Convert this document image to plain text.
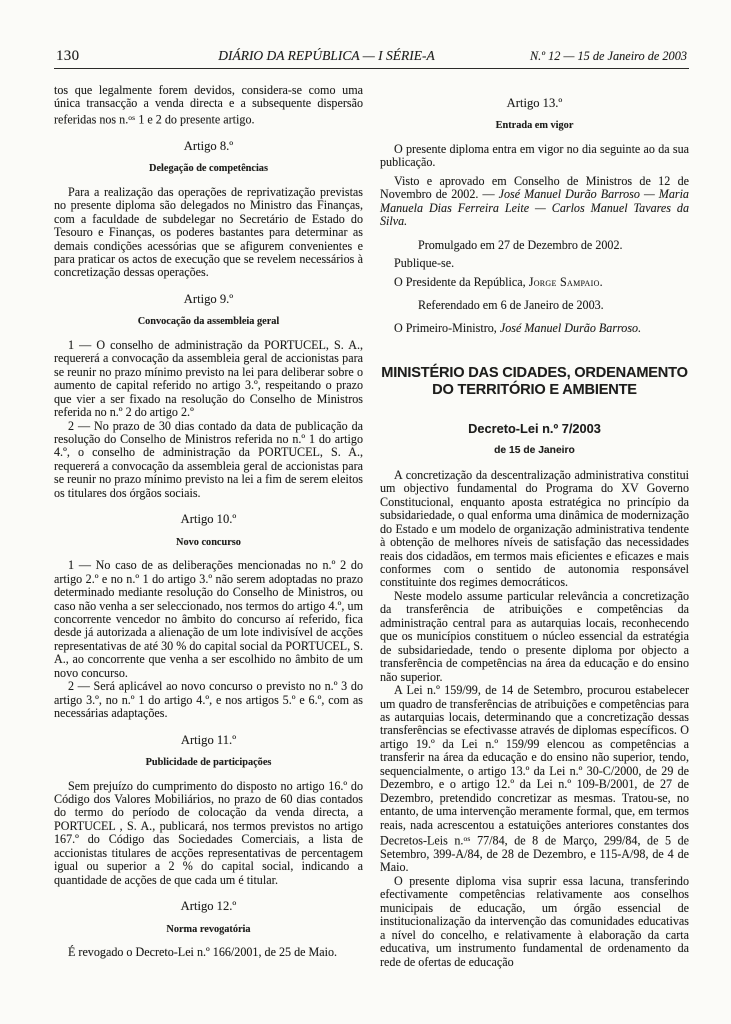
130	DIÁRIO DA REPÚBLICA — I SÉRIE-A	N.º 12 — 15 de Janeiro de 2003

tos que legalmente forem devidos, considera-se como uma única transacção a venda directa e a subsequente dispersão referidas nos n.$^{os}$ 1 e 2 do presente artigo.

Artigo 8.º
Delegação de competências

Para a realização das operações de reprivatização previstas no presente diploma são delegados no Ministro das Finanças, com a faculdade de subdelegar no Secretário de Estado do Tesouro e Finanças, os poderes bastantes para determinar as demais condições acessórias que se afigurem convenientes e para praticar os actos de execução que se revelem necessários à concretização dessas operações.

Artigo 9.º
Convocação da assembleia geral

1 — O conselho de administração da PORTUCEL, S. A., requererá a convocação da assembleia geral de accionistas para se reunir no prazo mínimo previsto na lei para deliberar sobre o aumento de capital referido no artigo 3.º, respeitando o prazo que vier a ser fixado na resolução do Conselho de Ministros referida no n.º 2 do artigo 2.º

2 — No prazo de 30 dias contado da data de publicação da resolução do Conselho de Ministros referida no n.º 1 do artigo 4.º, o conselho de administração da PORTUCEL, S. A., requererá a convocação da assembleia geral de accionistas para se reunir no prazo mínimo previsto na lei a fim de serem eleitos os titulares dos órgãos sociais.

Artigo 10.º
Novo concurso

1 — No caso de as deliberações mencionadas no n.º 2 do artigo 2.º e no n.º 1 do artigo 3.º não serem adoptadas no prazo determinado mediante resolução do Conselho de Ministros, ou caso não venha a ser seleccionado, nos termos do artigo 4.º, um concorrente vencedor no âmbito do concurso aí referido, fica desde já autorizada a alienação de um lote indivisível de acções representativas de até 30 % do capital social da PORTUCEL, S. A., ao concorrente que venha a ser escolhido no âmbito de um novo concurso.

2 — Será aplicável ao novo concurso o previsto no n.º 3 do artigo 3.º, no n.º 1 do artigo 4.º, e nos artigos 5.º e 6.º, com as necessárias adaptações.

Artigo 11.º
Publicidade de participações

Sem prejuízo do cumprimento do disposto no artigo 16.º do Código dos Valores Mobiliários, no prazo de 60 dias contados do termo do período de colocação da venda directa, a PORTUCEL , S. A., publicará, nos termos previstos no artigo 167.º do Código das Sociedades Comerciais, a lista de accionistas titulares de acções representativas de percentagem igual ou superior a 2 % do capital social, indicando a quantidade de acções de que cada um é titular.

Artigo 12.º
Norma revogatória

É revogado o Decreto-Lei n.º 166/2001, de 25 de Maio.

Artigo 13.º
Entrada em vigor

O presente diploma entra em vigor no dia seguinte ao da sua publicação.

Visto e aprovado em Conselho de Ministros de 12 de Novembro de 2002. — José Manuel Durão Barroso — Maria Manuela Dias Ferreira Leite — Carlos Manuel Tavares da Silva.

Promulgado em 27 de Dezembro de 2002.

Publique-se.

O Presidente da República, Jorge Sampaio.

Referendado em 6 de Janeiro de 2003.

O Primeiro-Ministro, José Manuel Durão Barroso.

MINISTÉRIO DAS CIDADES, ORDENAMENTO
DO TERRITÓRIO E AMBIENTE
Decreto-Lei n.º 7/2003
de 15 de Janeiro

A concretização da descentralização administrativa constitui um objectivo fundamental do Programa do XV Governo Constitucional, enquanto aposta estratégica no princípio da subsidariedade, o qual enforma uma dinâmica de modernização do Estado e um modelo de organização administrativa tendente à obtenção de melhores níveis de satisfação das necessidades reais dos cidadãos, em termos mais eficientes e eficazes e mais conformes com o sentido de autonomia responsável constituinte dos regimes democráticos.

Neste modelo assume particular relevância a concretização da transferência de atribuições e competências da administração central para as autarquias locais, reconhecendo que os municípios constituem o núcleo essencial da estratégia de subsidariedade, tendo o presente diploma por objecto a transferência de competências na área da educação e do ensino não superior.

A Lei n.º 159/99, de 14 de Setembro, procurou estabelecer um quadro de transferências de atribuições e competências para as autarquias locais, determinando que a concretização dessas transferências se efectivasse através de diplomas específicos. O artigo 19.º da Lei n.º 159/99 elencou as competências a transferir na área da educação e do ensino não superior, tendo, sequencialmente, o artigo 13.º da Lei n.º 30-C/2000, de 29 de Dezembro, e o artigo 12.º da Lei n.º 109-B/2001, de 27 de Dezembro, pretendido concretizar as mesmas. Tratou-se, no entanto, de uma intervenção meramente formal, que, em termos reais, nada acrescentou a estatuições anteriores constantes dos Decretos-Leis n.$^{os}$ 77/84, de 8 de Março, 299/84, de 5 de Setembro, 399-A/84, de 28 de Dezembro, e 115-A/98, de 4 de Maio.

O presente diploma visa suprir essa lacuna, transferindo efectivamente competências relativamente aos conselhos municipais de educação, um órgão essencial de institucionalização da intervenção das comunidades educativas a nível do concelho, e relativamente à elaboração da carta educativa, um instrumento fundamental de ordenamento da rede de ofertas de educação
